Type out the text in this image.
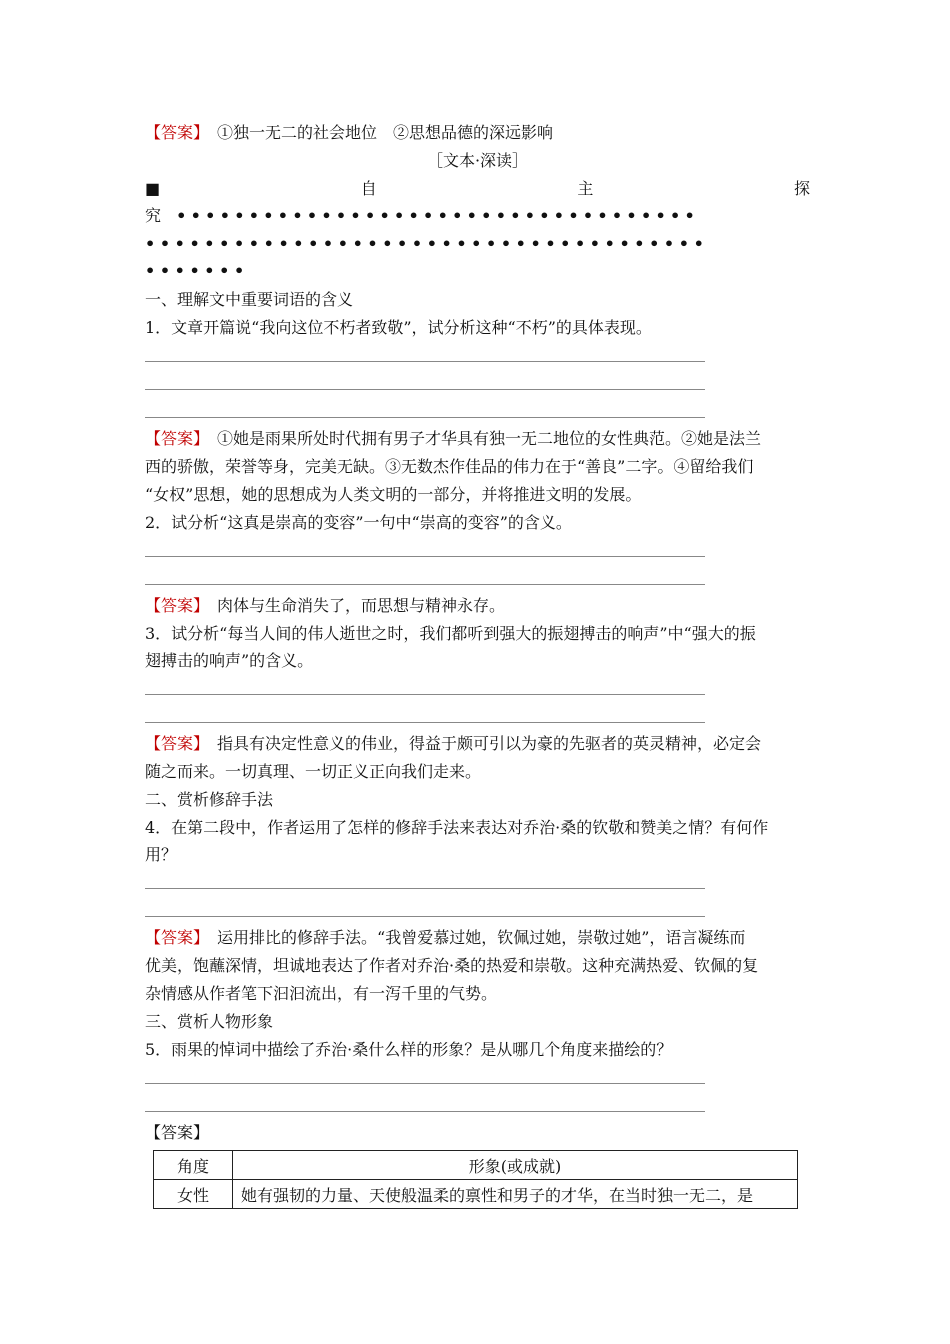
【答案】　 ①独一无二的社会地位　②思想品德的深远影响
［文本·深读］
■	自	主	探
究 ••••••••••••••••••••••••••••••••••••
••••••••••••••••••••••••••••••••••••••
•••••••
一、理解文中重要词语的含义
1．文章开篇说“我向这位不朽者致敬”，试分析这种“不朽”的具体表现。
【答案】　 ①她是雨果所处时代拥有男子才华具有独一无二地位的女性典范。②她是法兰
西的骄傲，荣誉等身，完美无缺。③无数杰作佳品的伟力在于“善良”二字。④留给我们
“女权”思想，她的思想成为人类文明的一部分，并将推进文明的发展。
2．试分析“这真是崇高的变容”一句中“崇高的变容”的含义。
【答案】　 肉体与生命消失了，而思想与精神永存。
3．试分析“每当人间的伟人逝世之时，我们都听到强大的振翅搏击的响声”中“强大的振
翅搏击的响声”的含义。
【答案】　 指具有决定性意义的伟业，得益于颇可引以为豪的先驱者的英灵精神，必定会
随之而来。一切真理、一切正义正向我们走来。
二、赏析修辞手法
4．在第二段中，作者运用了怎样的修辞手法来表达对乔治·桑的钦敬和赞美之情？有何作
用？
【答案】　 运用排比的修辞手法。“我曾爱慕过她，钦佩过她，崇敬过她”，语言凝练而
优美，饱蘸深情，坦诚地表达了作者对乔治·桑的热爱和崇敬。这种充满热爱、钦佩的复
杂情感从作者笔下汩汩流出，有一泻千里的气势。
三、赏析人物形象
5．雨果的悼词中描绘了乔治·桑什么样的形象？是从哪几个角度来描绘的？
【答案】
角度	形象(或成就)
女性	她有强韧的力量、天使般温柔的禀性和男子的才华，在当时独一无二，是
